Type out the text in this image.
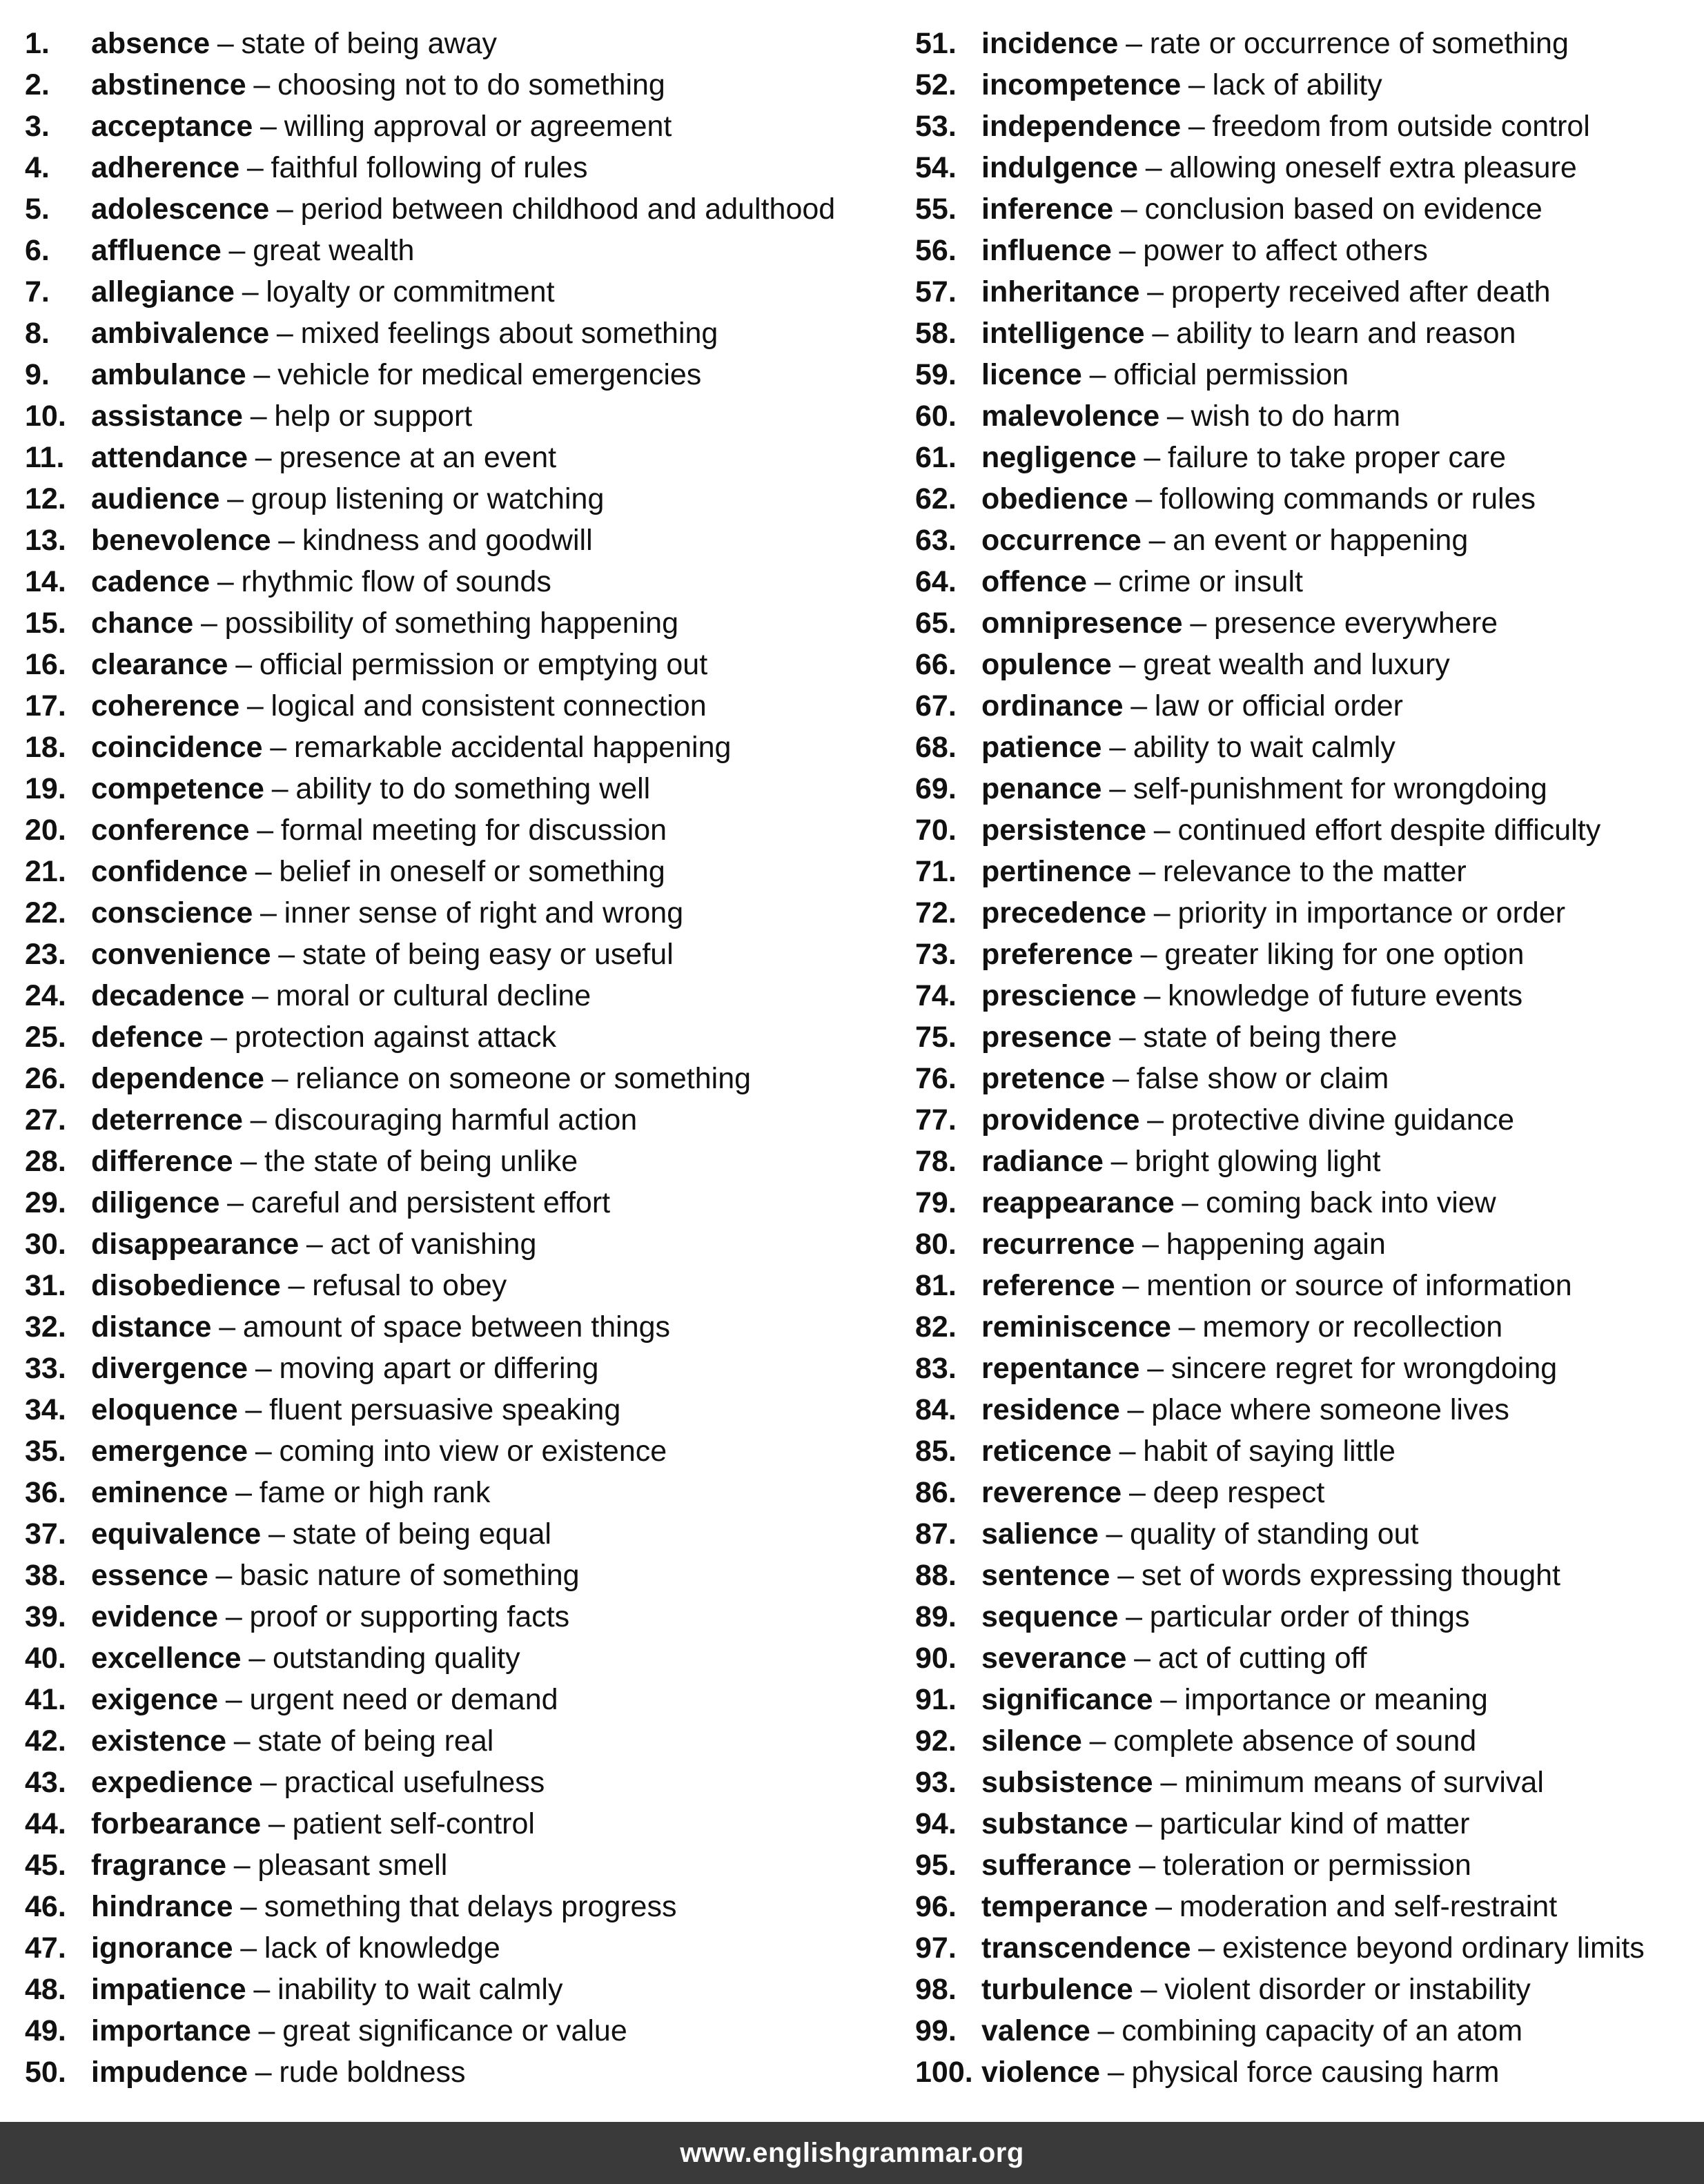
1.	absence – state of being away
2.	abstinence – choosing not to do something
3.	acceptance – willing approval or agreement
4.	adherence – faithful following of rules
5.	adolescence – period between childhood and adulthood
6.	affluence – great wealth
7.	allegiance – loyalty or commitment
8.	ambivalence – mixed feelings about something
9.	ambulance – vehicle for medical emergencies
10. assistance – help or support
11. attendance – presence at an event
12. audience – group listening or watching
13. benevolence – kindness and goodwill
14. cadence – rhythmic flow of sounds
15. chance – possibility of something happening
16. clearance – official permission or emptying out
17. coherence – logical and consistent connection
18. coincidence – remarkable accidental happening
19. competence – ability to do something well
20. conference – formal meeting for discussion
21. confidence – belief in oneself or something
22. conscience – inner sense of right and wrong
23. convenience – state of being easy or useful
24. decadence – moral or cultural decline
25. defence – protection against attack
26. dependence – reliance on someone or something
27. deterrence – discouraging harmful action
28. difference – the state of being unlike
29. diligence – careful and persistent effort
30. disappearance – act of vanishing
31. disobedience – refusal to obey
32. distance – amount of space between things
33. divergence – moving apart or differing
34. eloquence – fluent persuasive speaking
35. emergence – coming into view or existence
36. eminence – fame or high rank
37. equivalence – state of being equal
38. essence – basic nature of something
39. evidence – proof or supporting facts
40. excellence – outstanding quality
41. exigence – urgent need or demand
42. existence – state of being real
43. expedience – practical usefulness
44. forbearance – patient self-control
45. fragrance – pleasant smell
46. hindrance – something that delays progress
47. ignorance – lack of knowledge
48. impatience – inability to wait calmly
49. importance – great significance or value
50. impudence – rude boldness
51. incidence – rate or occurrence of something
52. incompetence – lack of ability
53. independence – freedom from outside control
54. indulgence – allowing oneself extra pleasure
55. inference – conclusion based on evidence
56. influence – power to affect others
57. inheritance – property received after death
58. intelligence – ability to learn and reason
59. licence – official permission
60. malevolence – wish to do harm
61. negligence – failure to take proper care
62. obedience – following commands or rules
63. occurrence – an event or happening
64. offence – crime or insult
65. omnipresence – presence everywhere
66. opulence – great wealth and luxury
67. ordinance – law or official order
68. patience – ability to wait calmly
69. penance – self-punishment for wrongdoing
70. persistence – continued effort despite difficulty
71. pertinence – relevance to the matter
72. precedence – priority in importance or order
73. preference – greater liking for one option
74. prescience – knowledge of future events
75. presence – state of being there
76. pretence – false show or claim
77. providence – protective divine guidance
78. radiance – bright glowing light
79. reappearance – coming back into view
80. recurrence – happening again
81. reference – mention or source of information
82. reminiscence – memory or recollection
83. repentance – sincere regret for wrongdoing
84. residence – place where someone lives
85. reticence – habit of saying little
86. reverence – deep respect
87. salience – quality of standing out
88. sentence – set of words expressing thought
89. sequence – particular order of things
90. severance – act of cutting off
91. significance – importance or meaning
92. silence – complete absence of sound
93. subsistence – minimum means of survival
94. substance – particular kind of matter
95. sufferance – toleration or permission
96. temperance – moderation and self-restraint
97. transcendence – existence beyond ordinary limits
98. turbulence – violent disorder or instability
99. valence – combining capacity of an atom
100. violence – physical force causing harm
www.englishgrammar.org
